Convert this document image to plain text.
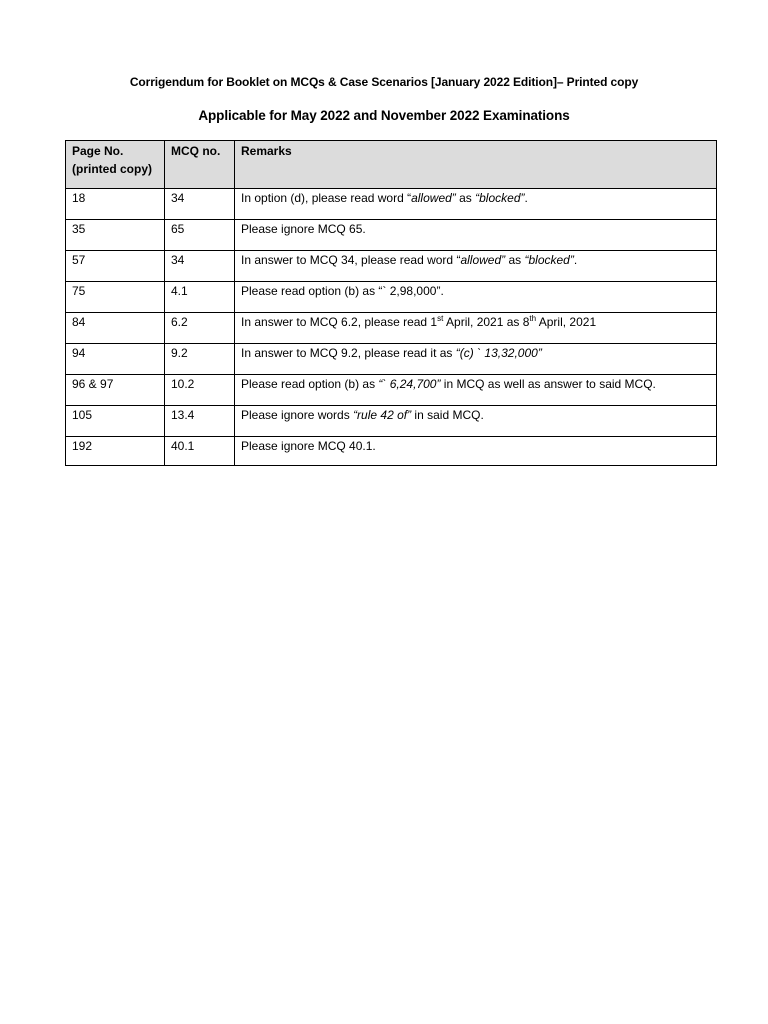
Corrigendum for Booklet on MCQs & Case Scenarios [January 2022 Edition]– Printed copy
Applicable for May 2022 and November 2022 Examinations
Page No.
(printed copy)	MCQ no.	Remarks
18	34	In option (d), please read word “allowed” as “blocked”.
35	65	Please ignore MCQ 65.
57	34	In answer to MCQ 34, please read word “allowed” as “blocked”.
75	4.1	Please read option (b) as “` 2,98,000”.
84	6.2	In answer to MCQ 6.2, please read 1st April, 2021 as 8th April, 2021
94	9.2	In answer to MCQ 9.2, please read it as “(c) ` 13,32,000”
96 & 97	10.2	Please read option (b) as “` 6,24,700” in MCQ as well as answer to said MCQ.
105	13.4	Please ignore words “rule 42 of” in said MCQ.
192	40.1	Please ignore MCQ 40.1.
